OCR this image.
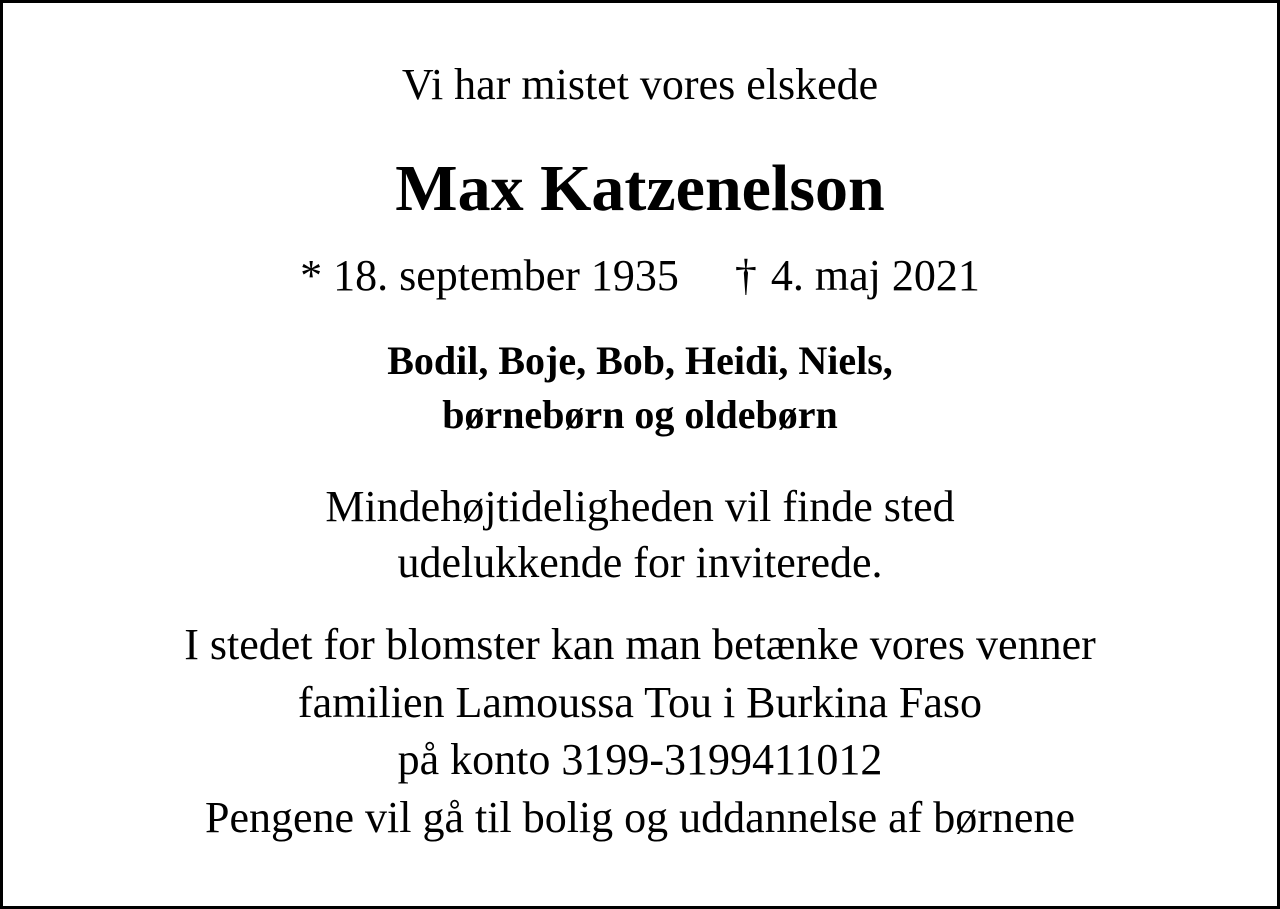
Vi har mistet vores elskede

Max Katzenelson

* 18. september 1935 † 4. maj 2021

Bodil, Boje, Bob, Heidi, Niels,
børnebørn og oldebørn

Mindehøjtideligheden vil finde sted
udelukkende for inviterede.

I stedet for blomster kan man betænke vores venner
familien Lamoussa Tou i Burkina Faso
på konto 3199-3199411012
Pengene vil gå til bolig og uddannelse af børnene
